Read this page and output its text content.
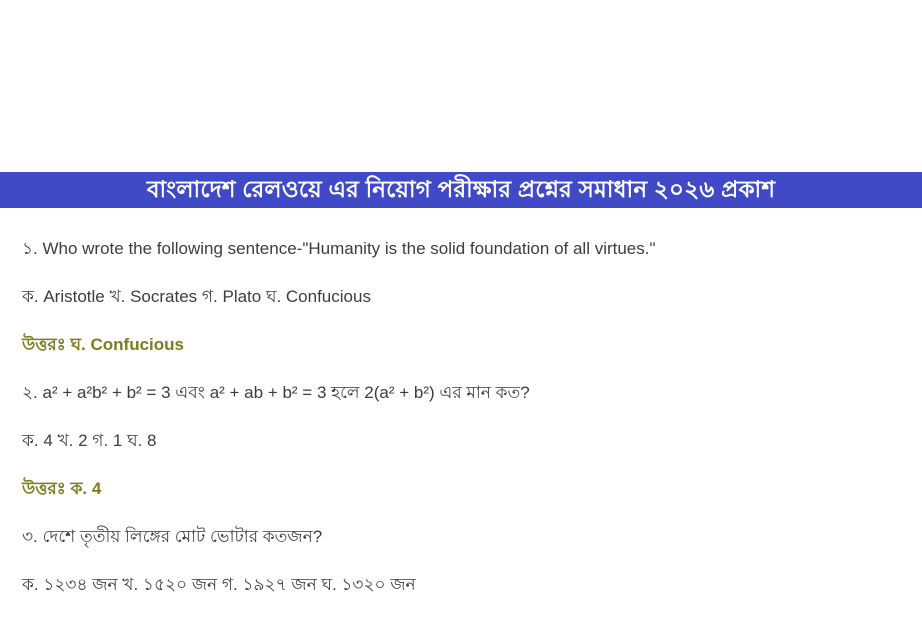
বাংলাদেশ রেলওয়ে এর নিয়োগ পরীক্ষার প্রশ্নের সমাধান ২০২৬ প্রকাশ

১. Who wrote the following sentence-"Humanity is the solid foundation of all virtues."

ক. Aristotle খ. Socrates গ. Plato ঘ. Confucious

উত্তরঃ ঘ. Confucious

২. a² + a²b² + b² = 3 এবং a² + ab + b² = 3 হলে 2(a² + b²) এর মান কত?

ক. 4 খ. 2 গ. 1 ঘ. 8

উত্তরঃ ক. 4

৩. দেশে তৃতীয় লিঙ্গের মোট ভোটার কতজন?

ক. ১২৩৪ জন খ. ১৫২০ জন গ. ১৯২৭ জন ঘ. ১৩২০ জন
